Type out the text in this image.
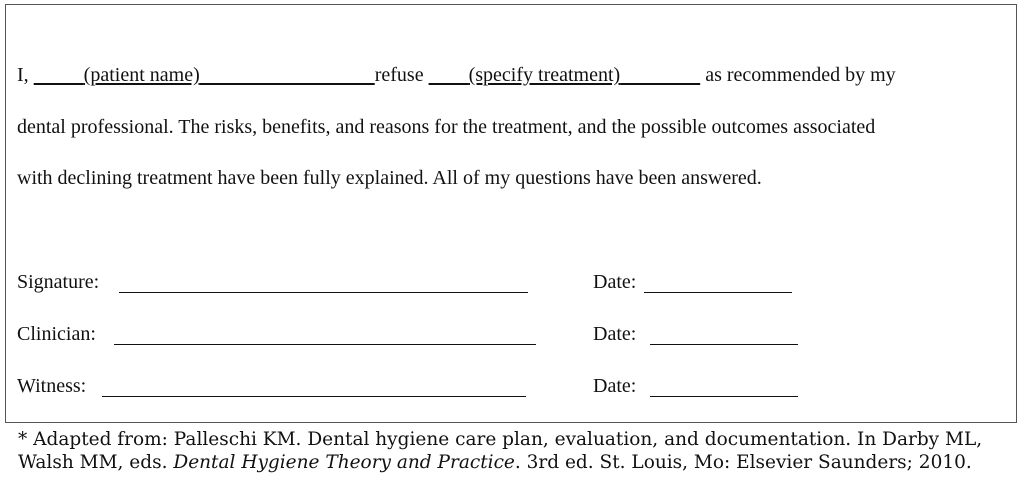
I,	(patient name)	refuse (specify treatment)	as recommended by my
dental professional. The risks, benefits, and reasons for the treatment, and the possible outcomes associated
with declining treatment have been fully explained. All of my questions have been answered.
Signature:	Date:
Clinician:	Date:
Witness:	Date:
* Adapted from: Palleschi KM. Dental hygiene care plan, evaluation, and documentation. In Darby ML,
Walsh MM, eds. Dental Hygiene Theory and Practice. 3rd ed. St. Louis, Mo: Elsevier Saunders; 2010.
